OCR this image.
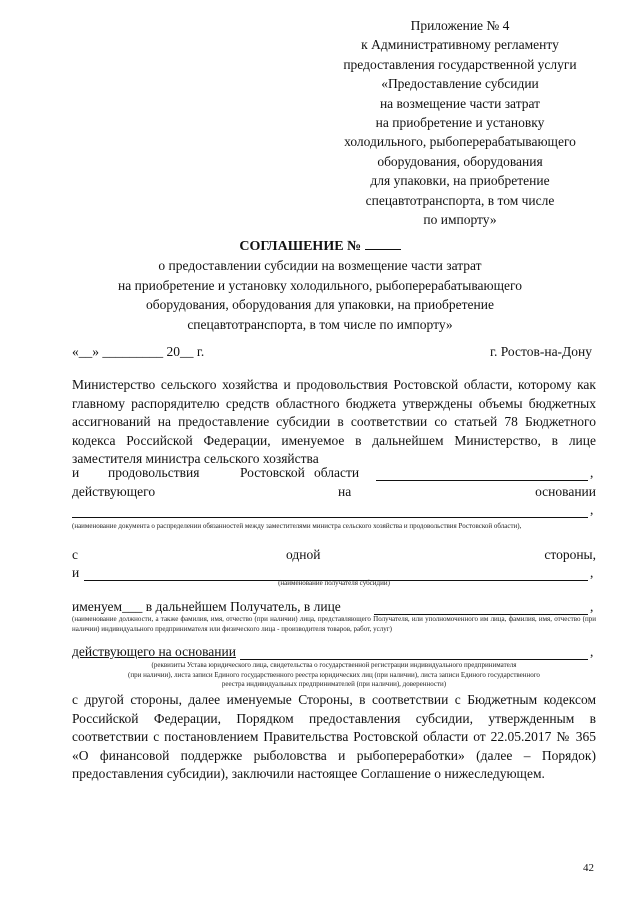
Приложение № 4
к Административному регламенту
предоставления государственной услуги
«Предоставление субсидии
на возмещение части затрат
на приобретение и установку
холодильного, рыбоперерабатывающего
оборудования, оборудования
для упаковки, на приобретение
спецавтотранспорта, в том числе
по импорту»
СОГЛАШЕНИЕ №
о предоставлении субсидии на возмещение части затрат
на приобретение и установку холодильного, рыбоперерабатывающего
оборудования, оборудования для упаковки, на приобретение
спецавтотранспорта, в том числе по импорту»
«__» _________ 20__ г.	г. Ростов-на-Дону
Министерство сельского хозяйства и продовольствия Ростовской области, которому как главному распорядителю средств областного бюджета утверждены объемы бюджетных ассигнований на предоставление субсидии в соответствии со статьей 78 Бюджетного кодекса Российской Федерации, именуемое в дальнейшем Министерство, в лице заместителя министра сельского хозяйства
и продовольствия	Ростовской области	,
действующего	на	основании
,
(наименование документа о распределении обязанностей между заместителями министра сельского хозяйства и продовольствия Ростовской области),
с	одной	стороны,
и	,
(наименование получателя субсидии)
именуем___ в дальнейшем Получатель, в лице	,
(наименование должности, а также фамилия, имя, отчество (при наличии) лица, представляющего Получателя, или уполномоченного им лица, фамилия, имя, отчество (при наличии) индивидуального предпринимателя или физического лица - производителя товаров, работ, услуг)
действующего на основании	,
(реквизиты Устава юридического лица, свидетельства о государственной регистрации индивидуального предпринимателя
(при наличии), листа записи Единого государственного реестра юридических лиц (при наличии), листа записи Единого государственного
реестра индивидуальных предпринимателей (при наличии), доверенности)
с другой стороны, далее именуемые Стороны, в соответствии с Бюджетным кодексом Российской Федерации, Порядком предоставления субсидии, утвержденным в соответствии с постановлением Правительства Ростовской области от 22.05.2017 № 365 «О финансовой поддержке рыболовства и рыбопереработки» (далее – Порядок) предоставления субсидии), заключили настоящее Соглашение о нижеследующем.
42
